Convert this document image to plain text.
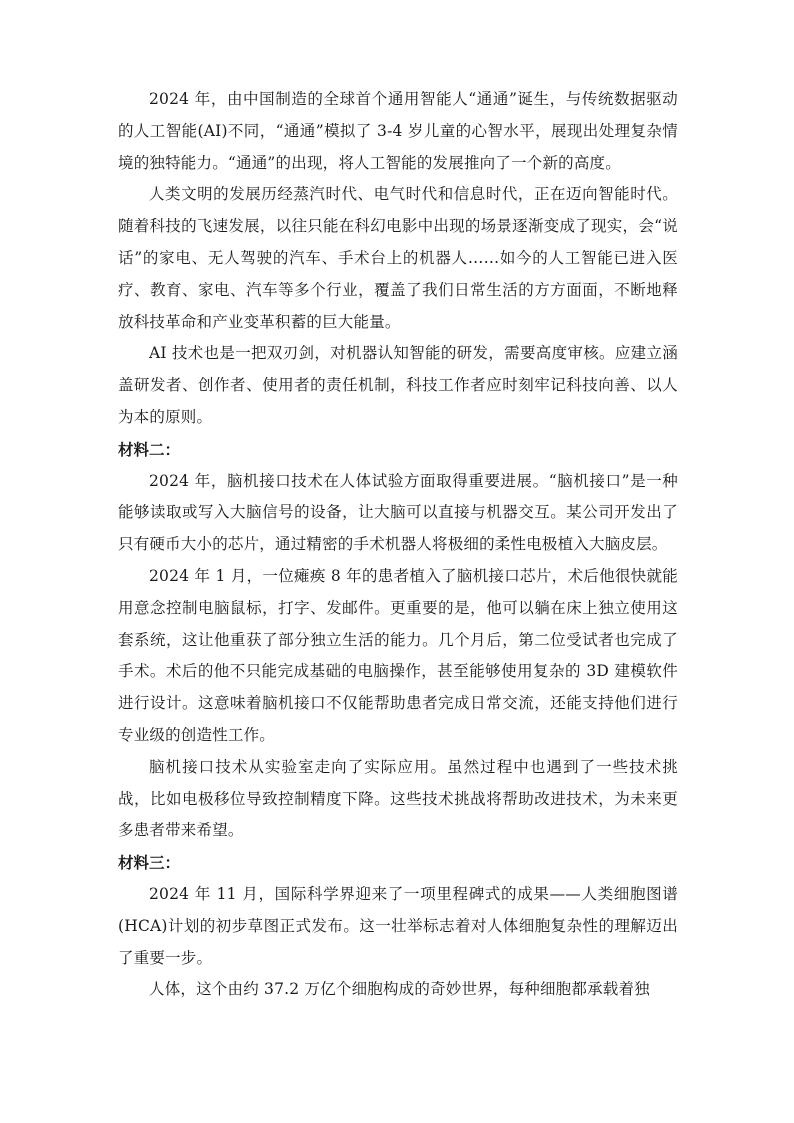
2024 年，由中国制造的全球首个通用智能人“通通”诞生，与传统数据驱动的人工智能(AI)不同，“通通”模拟了 3-4 岁儿童的心智水平，展现出处理复杂情境的独特能力。“通通”的出现，将人工智能的发展推向了一个新的高度。

人类文明的发展历经蒸汽时代、电气时代和信息时代，正在迈向智能时代。随着科技的飞速发展，以往只能在科幻电影中出现的场景逐渐变成了现实，会“说话”的家电、无人驾驶的汽车、手术台上的机器人……如今的人工智能已进入医疗、教育、家电、汽车等多个行业，覆盖了我们日常生活的方方面面，不断地释放科技革命和产业变革积蓄的巨大能量。

AI 技术也是一把双刃剑，对机器认知智能的研发，需要高度审核。应建立涵盖研发者、创作者、使用者的责任机制，科技工作者应时刻牢记科技向善、以人为本的原则。

材料二：

2024 年，脑机接口技术在人体试验方面取得重要进展。“脑机接口”是一种能够读取或写入大脑信号的设备，让大脑可以直接与机器交互。某公司开发出了只有硬币大小的芯片，通过精密的手术机器人将极细的柔性电极植入大脑皮层。

2024 年 1 月，一位瘫痪 8 年的患者植入了脑机接口芯片，术后他很快就能用意念控制电脑鼠标，打字、发邮件。更重要的是，他可以躺在床上独立使用这套系统，这让他重获了部分独立生活的能力。几个月后，第二位受试者也完成了手术。术后的他不只能完成基础的电脑操作，甚至能够使用复杂的 3D 建模软件进行设计。这意味着脑机接口不仅能帮助患者完成日常交流，还能支持他们进行专业级的创造性工作。

脑机接口技术从实验室走向了实际应用。虽然过程中也遇到了一些技术挑战，比如电极移位导致控制精度下降。这些技术挑战将帮助改进技术，为未来更多患者带来希望。

材料三：

2024 年 11 月，国际科学界迎来了一项里程碑式的成果——人类细胞图谱(HCA)计划的初步草图正式发布。这一壮举标志着对人体细胞复杂性的理解迈出了重要一步。

人体，这个由约 37.2 万亿个细胞构成的奇妙世界，每种细胞都承载着独
